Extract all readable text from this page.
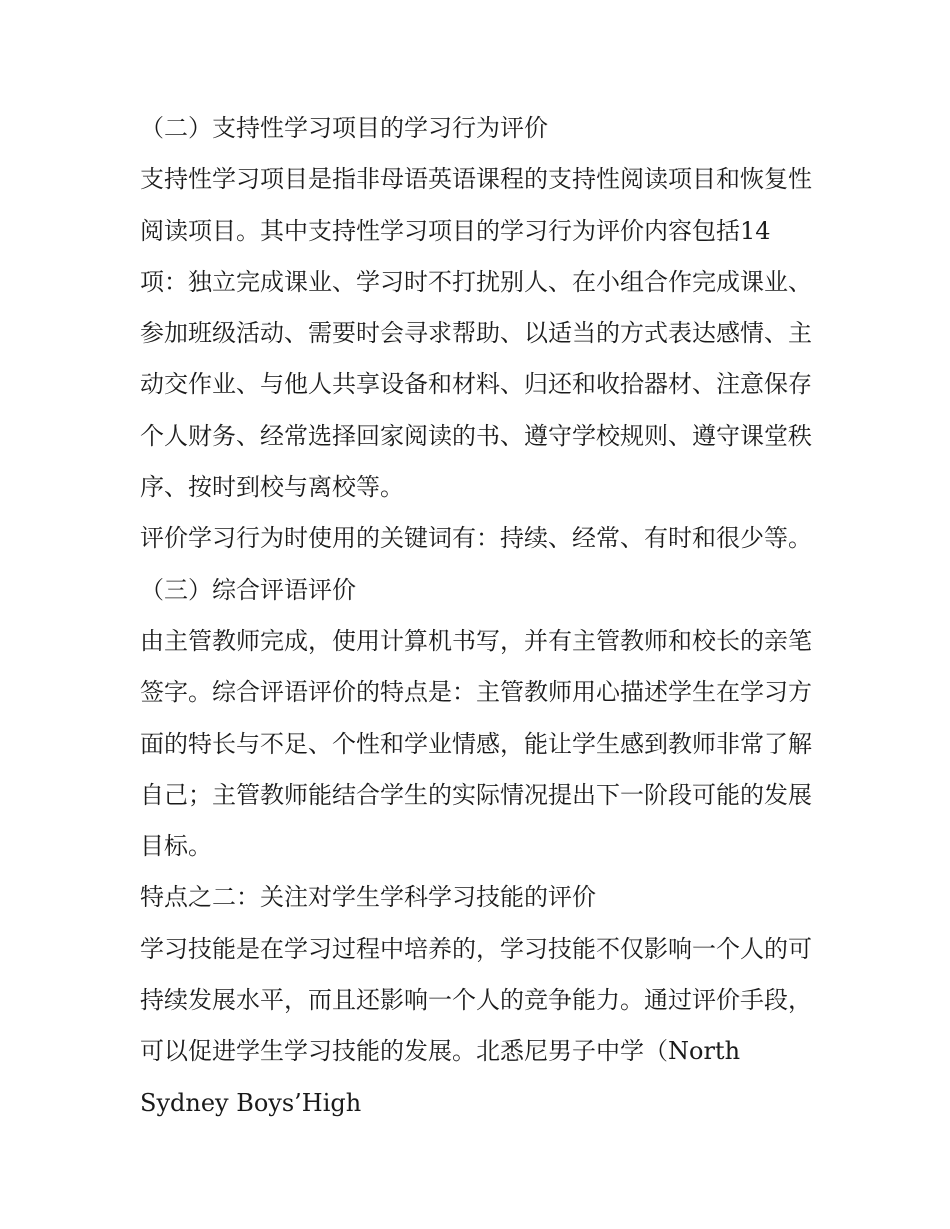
（二）支持性学习项目的学习行为评价

支持性学习项目是指非母语英语课程的支持性阅读项目和恢复性阅读项目。其中支持性学习项目的学习行为评价内容包括14项：独立完成课业、学习时不打扰别人、在小组合作完成课业、参加班级活动、需要时会寻求帮助、以适当的方式表达感情、主动交作业、与他人共享设备和材料、归还和收拾器材、注意保存个人财务、经常选择回家阅读的书、遵守学校规则、遵守课堂秩序、按时到校与离校等。

评价学习行为时使用的关键词有：持续、经常、有时和很少等。 （三）综合评语评价

由主管教师完成，使用计算机书写，并有主管教师和校长的亲笔签字。综合评语评价的特点是：主管教师用心描述学生在学习方面的特长与不足、个性和学业情感，能让学生感到教师非常了解自己；主管教师能结合学生的实际情况提出下一阶段可能的发展目标。

特点之二：关注对学生学科学习技能的评价

学习技能是在学习过程中培养的，学习技能不仅影响一个人的可持续发展水平，而且还影响一个人的竞争能力。通过评价手段，可以促进学生学习技能的发展。北悉尼男子中学（North Sydney Boys’High
